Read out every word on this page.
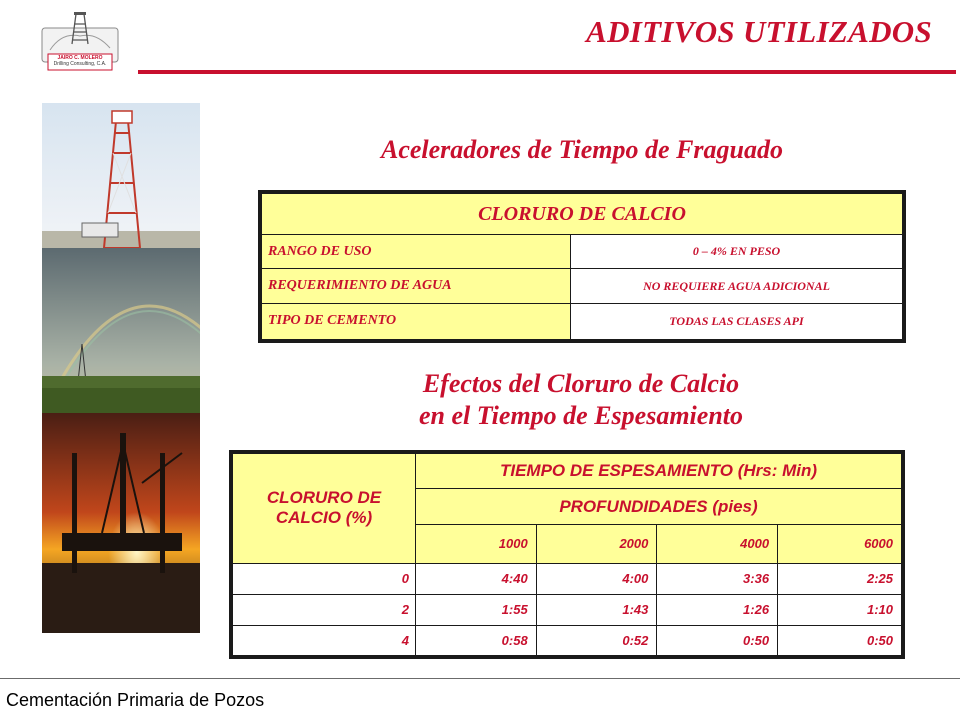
JAIRO C. MOLERO
Drilling Consulting, C.A.
ADITIVOS UTILIZADOS
Aceleradores de Tiempo de Fraguado
CLORURO DE CALCIO	
RANGO DE USO	0 – 4% EN PESO
REQUERIMIENTO DE AGUA	NO REQUIERE AGUA ADICIONAL
TIPO DE CEMENTO	TODAS LAS CLASES API
Efectos del Cloruro de Calcio
en el Tiempo de Espesamiento
CLORURO DE CALCIO (%)	TIEMPO DE ESPESAMIENTO (Hrs: Min)			
	PROFUNDIDADES (pies)			
	1000	2000	4000	6000
0	4:40	4:00	3:36	2:25
2	1:55	1:43	1:26	1:10
4	0:58	0:52	0:50	0:50
Cementación Primaria de Pozos
